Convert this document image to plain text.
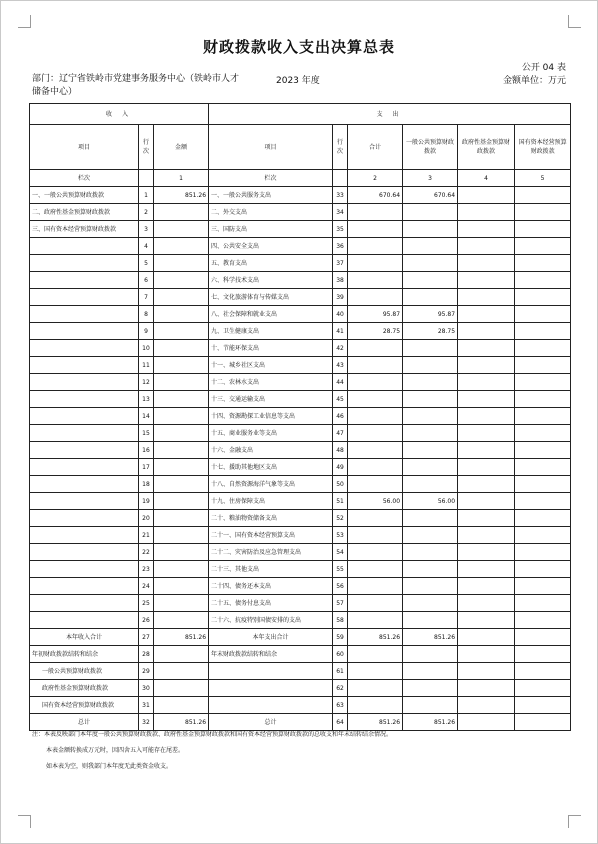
财政拨款收入支出决算总表
公开 04 表
部门：辽宁省铁岭市党建事务服务中心（铁岭市人才储备中心）
2023 年度	金额单位：万元
收 入			支 出					
项目	行次	金额	项目	行次	合计	一般公共预算财政拨款	政府性基金预算财政拨款	国有资本经营预算财政拨款
栏次		1	栏次		2	3	4	5
一、一般公共预算财政拨款	1	851.26	一、一般公共服务支出	33	670.64	670.64		
二、政府性基金预算财政拨款	2		二、外交支出	34				
三、国有资本经营预算财政拨款	3		三、国防支出	35				
	4		四、公共安全支出	36				
	5		五、教育支出	37				
	6		六、科学技术支出	38				
	7		七、文化旅游体育与传媒支出	39				
	8		八、社会保障和就业支出	40	95.87	95.87		
	9		九、卫生健康支出	41	28.75	28.75		
	10		十、节能环保支出	42				
	11		十一、城乡社区支出	43				
	12		十二、农林水支出	44				
	13		十三、交通运输支出	45				
	14		十四、资源勘探工业信息等支出	46				
	15		十五、商业服务业等支出	47				
	16		十六、金融支出	48				
	17		十七、援助其他地区支出	49				
	18		十八、自然资源海洋气象等支出	50				
	19		十九、住房保障支出	51	56.00	56.00		
	20		二十、粮油物资储备支出	52				
	21		二十一、国有资本经营预算支出	53				
	22		二十二、灾害防治及应急管理支出	54				
	23		二十三、其他支出	55				
	24		二十四、债务还本支出	56				
	25		二十五、债务付息支出	57				
	26		二十六、抗疫特别国债安排的支出	58				
本年收入合计	27	851.26	本年支出合计	59	851.26	851.26		
年初财政拨款结转和结余	28		年末财政拨款结转和结余	60				
一般公共预算财政拨款	29			61				
政府性基金预算财政拨款	30			62				
国有资本经营预算财政拨款	31			63				
总计	32	851.26	总计	64	851.26	851.26		
注：本表反映部门本年度一般公共预算财政拨款、政府性基金预算财政拨款和国有资本经营预算财政拨款的总收支和年末结转结余情况。
本表金额转换成万元时，因四舍五入可能存在尾差。
如本表为空，则我部门本年度无此类资金收支。
